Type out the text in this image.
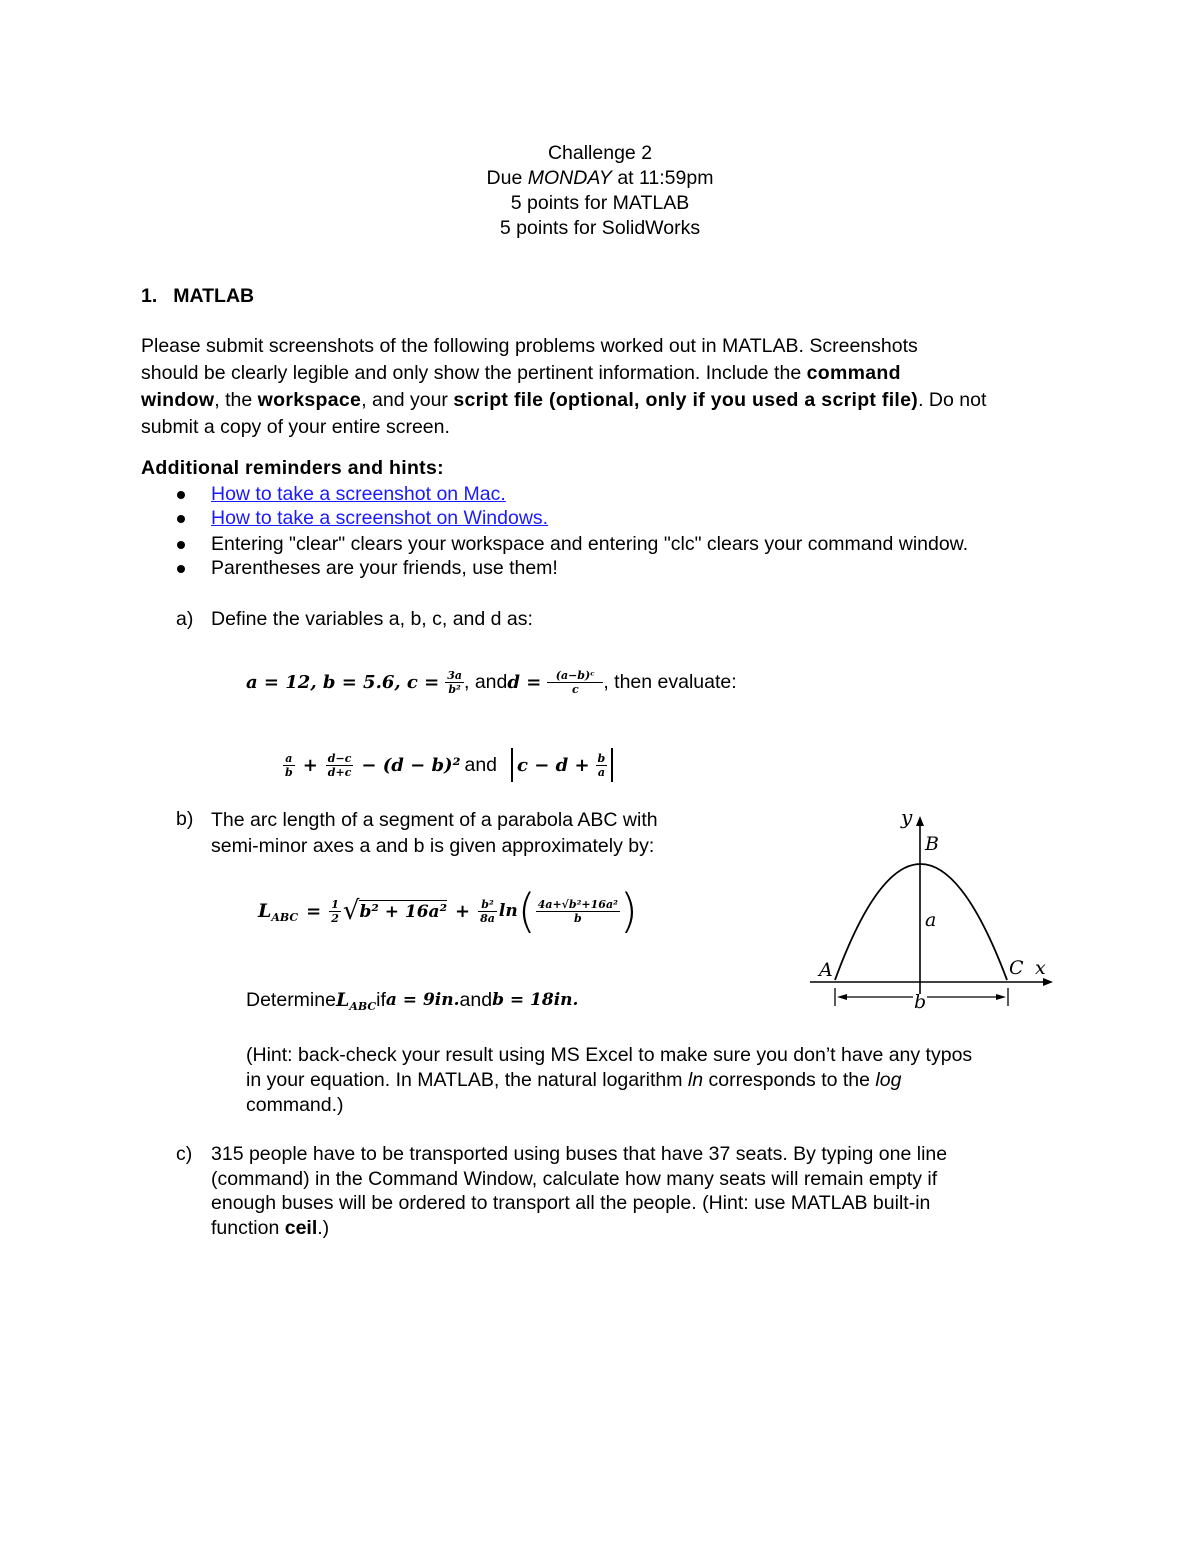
Challenge 2
Due MONDAY at 11:59pm
5 points for MATLAB
5 points for SolidWorks
1. MATLAB
Please submit screenshots of the following problems worked out in MATLAB. Screenshots
should be clearly legible and only show the pertinent information. Include the command
window, the workspace, and your script file (optional, only if you used a script file). Do not
submit a copy of your entire screen.
Additional reminders and hints:
How to take a screenshot on Mac.
How to take a screenshot on Windows.
Entering "clear" clears your workspace and entering "clc" clears your command window.
Parentheses are your friends, use them!
a) Define the variables a, b, c, and d as:
a = 12, b = 5.6, $c = \frac{3a}{\text{b²}}$ , and $d = \frac{\text{(a−b)ᶜ}}{c}$ , then evaluate:
$\frac{a}{b} + \frac{d-c}{d+c} - (d - b)^2$ and $c - d + \frac{b}{a}$
b) The arc length of a segment of a parabola ABC with
semi-minor axes a and b is given approximately by:
$L_{ABC} = \frac{1}{2}$ √ $b^2 + 16a^2 + \frac{\text{b²}}{8a}$ ln ( $\frac{\text{4a+√b²+16a²}}{b}$ )
Determine $L_{ABC}$ if a = 9in. and b = 18in.
(Hint: back-check your result using MS Excel to make sure you don’t have any typos
in your equation. In MATLAB, the natural logarithm ln corresponds to the log
command.)
y
B
a
A	C x
b
c) 315 people have to be transported using buses that have 37 seats. By typing one line
(command) in the Command Window, calculate how many seats will remain empty if
enough buses will be ordered to transport all the people. (Hint: use MATLAB built-in
function ceil.)
